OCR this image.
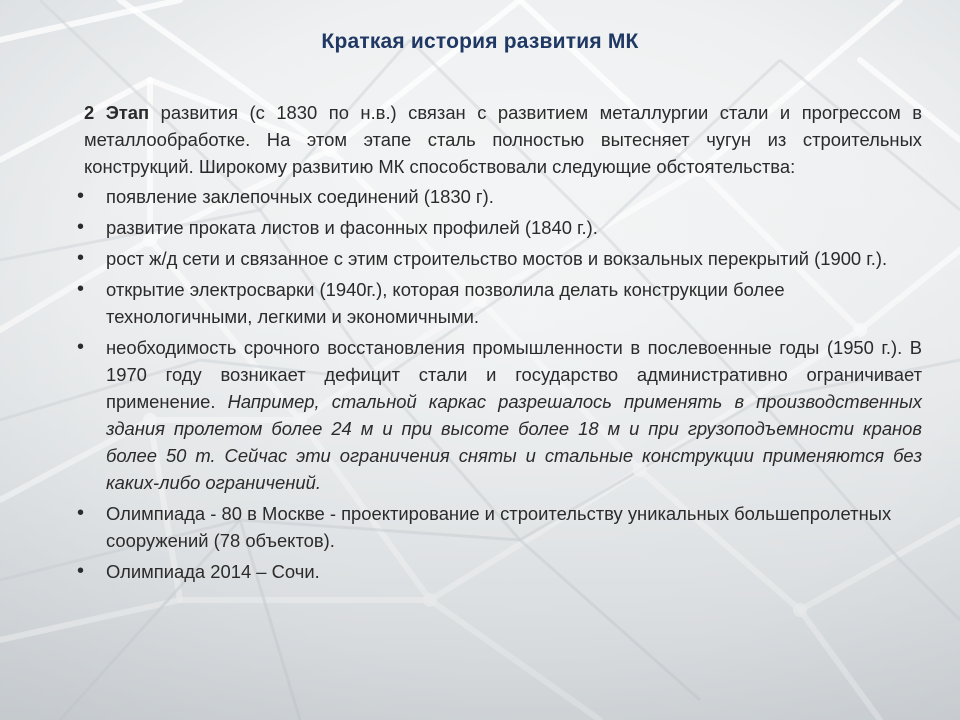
Краткая история развития МК

2 Этап развития (с 1830 по н.в.) связан с развитием металлургии стали и прогрессом в металлообработке. На этом этапе сталь полностью вытесняет чугун из строительных конструкций. Широкому развитию МК способствовали следующие обстоятельства:

• появление заклепочных соединений (1830 г).
• развитие проката листов и фасонных профилей (1840 г.).
• рост ж/д сети и связанное с этим строительство мостов и вокзальных перекрытий (1900 г.).
• открытие электросварки (1940г.), которая позволила делать конструкции более технологичными, легкими и экономичными.
• необходимость срочного восстановления промышленности в послевоенные годы (1950 г.). В 1970 году возникает дефицит стали и государство административно ограничивает применение. Например, стальной каркас разрешалось применять в производственных здания пролетом более 24 м и при высоте более 18 м и при грузоподъемности кранов более 50 т. Сейчас эти ограничения сняты и стальные конструкции применяются без каких-либо ограничений.
• Олимпиада - 80 в Москве - проектирование и строительству уникальных большепролетных сооружений (78 объектов).
• Олимпиада 2014 – Сочи.
